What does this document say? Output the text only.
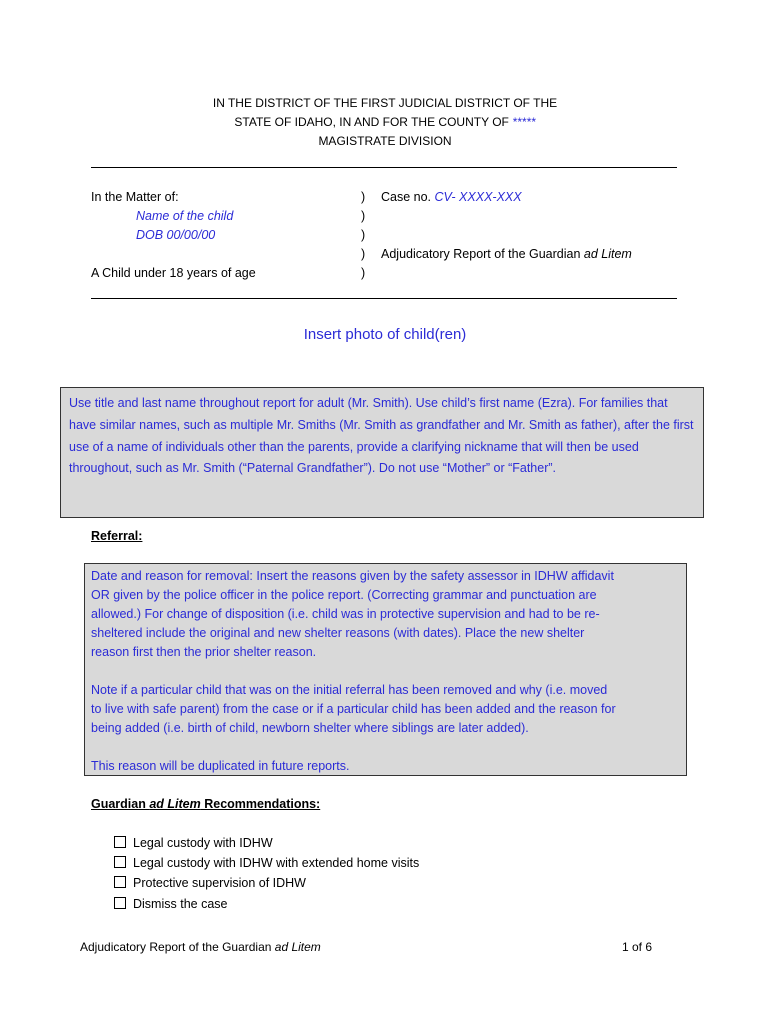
IN THE DISTRICT OF THE FIRST JUDICIAL DISTRICT OF THE
STATE OF IDAHO, IN AND FOR THE COUNTY OF *****
MAGISTRATE DIVISION
In the Matter of:
Name of the child
DOB 00/00/00
A Child under 18 years of age
)
)
)
)
)
Case no. CV- XXXX-XXX
Adjudicatory Report of the Guardian ad Litem
Insert photo of child(ren)

Use title and last name throughout report for adult (Mr. Smith). Use child’s first name (Ezra). For families that have similar names, such as multiple Mr. Smiths (Mr. Smith as grandfather and Mr. Smith as father), after the first use of a name of individuals other than the parents, provide a clarifying nickname that will then be used throughout, such as Mr. Smith (“Paternal Grandfather”). Do not use “Mother” or “Father”.

Referral:

Date and reason for removal: Insert the reasons given by the safety assessor in IDHW affidavit
OR given by the police officer in the police report. (Correcting grammar and punctuation are
allowed.) For change of disposition (i.e. child was in protective supervision and had to be re-
sheltered include the original and new shelter reasons (with dates). Place the new shelter
reason first then the prior shelter reason.

Note if a particular child that was on the initial referral has been removed and why (i.e. moved
to live with safe parent) from the case or if a particular child has been added and the reason for
being added (i.e. birth of child, newborn shelter where siblings are later added).

This reason will be duplicated in future reports.

Guardian ad Litem Recommendations:
Legal custody with IDHW
Legal custody with IDHW with extended home visits
Protective supervision of IDHW
Dismiss the case
Adjudicatory Report of the Guardian ad Litem	1 of 6
